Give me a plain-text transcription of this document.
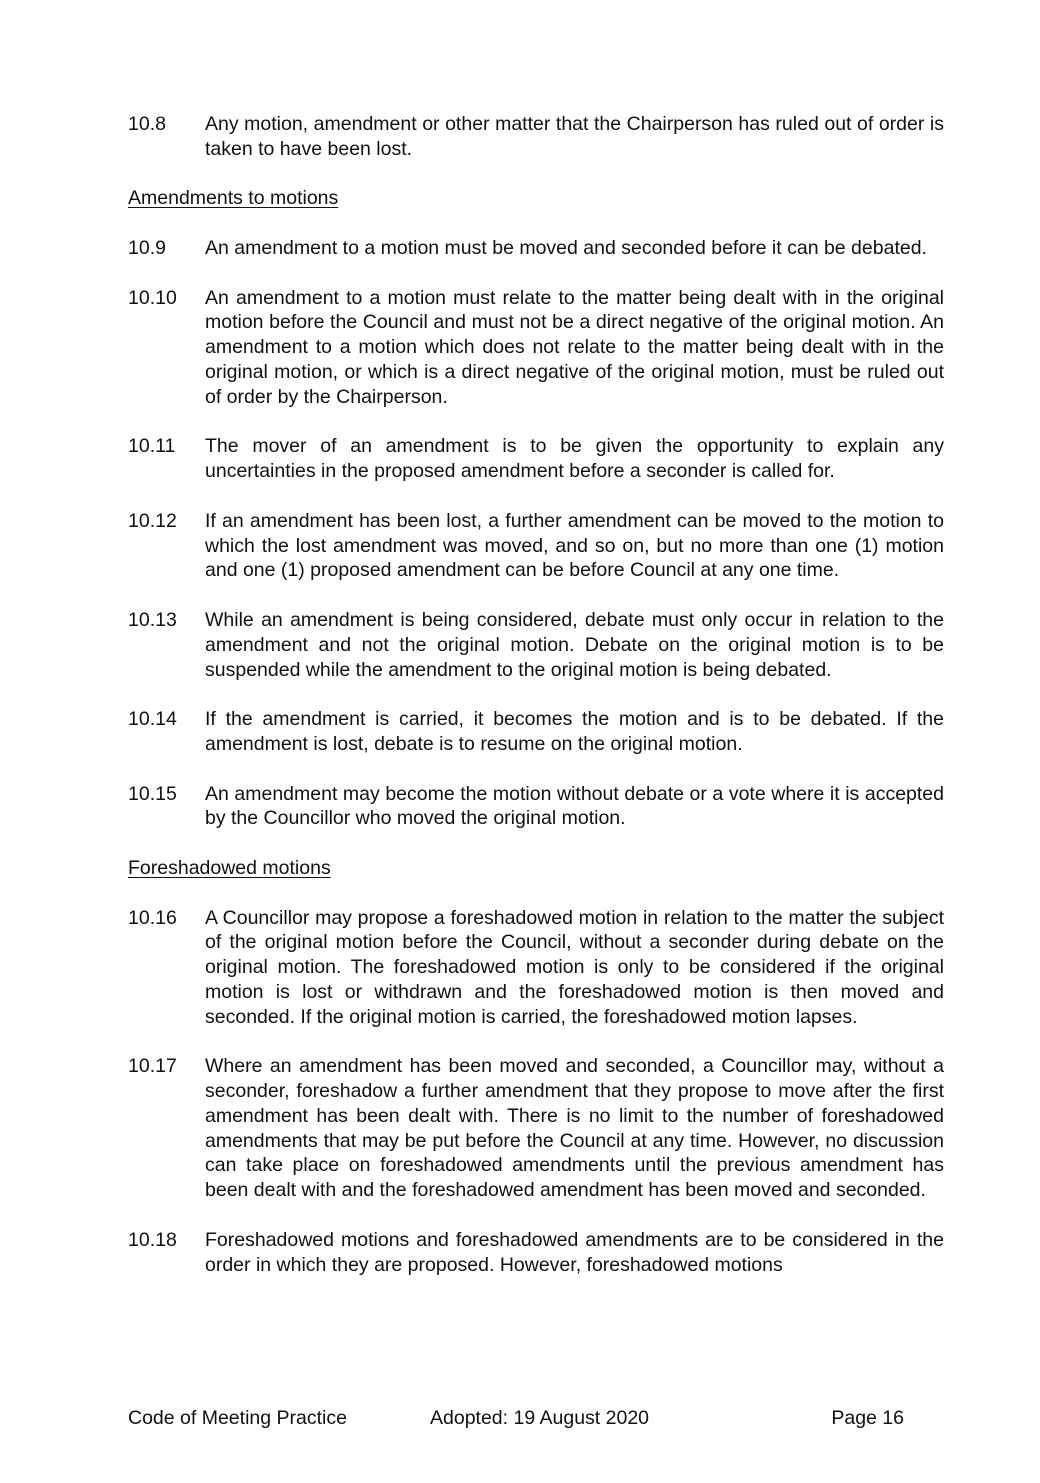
10.8	Any motion, amendment or other matter that the Chairperson has ruled out of order is taken to have been lost.
Amendments to motions
10.9	An amendment to a motion must be moved and seconded before it can be debated.
10.10	An amendment to a motion must relate to the matter being dealt with in the original motion before the Council and must not be a direct negative of the original motion. An amendment to a motion which does not relate to the matter being dealt with in the original motion, or which is a direct negative of the original motion, must be ruled out of order by the Chairperson.
10.11	The mover of an amendment is to be given the opportunity to explain any uncertainties in the proposed amendment before a seconder is called for.
10.12	If an amendment has been lost, a further amendment can be moved to the motion to which the lost amendment was moved, and so on, but no more than one (1) motion and one (1) proposed amendment can be before Council at any one time.
10.13	While an amendment is being considered, debate must only occur in relation to the amendment and not the original motion. Debate on the original motion is to be suspended while the amendment to the original motion is being debated.
10.14	If the amendment is carried, it becomes the motion and is to be debated. If the amendment is lost, debate is to resume on the original motion.
10.15	An amendment may become the motion without debate or a vote where it is accepted by the Councillor who moved the original motion.
Foreshadowed motions
10.16	A Councillor may propose a foreshadowed motion in relation to the matter the subject of the original motion before the Council, without a seconder during debate on the original motion. The foreshadowed motion is only to be considered if the original motion is lost or withdrawn and the foreshadowed motion is then moved and seconded. If the original motion is carried, the foreshadowed motion lapses.
10.17	Where an amendment has been moved and seconded, a Councillor may, without a seconder, foreshadow a further amendment that they propose to move after the first amendment has been dealt with. There is no limit to the number of foreshadowed amendments that may be put before the Council at any time. However, no discussion can take place on foreshadowed amendments until the previous amendment has been dealt with and the foreshadowed amendment has been moved and seconded.
10.18	Foreshadowed motions and foreshadowed amendments are to be considered in the order in which they are proposed. However, foreshadowed motions
Code of Meeting Practice	Adopted: 19 August 2020	Page 16
